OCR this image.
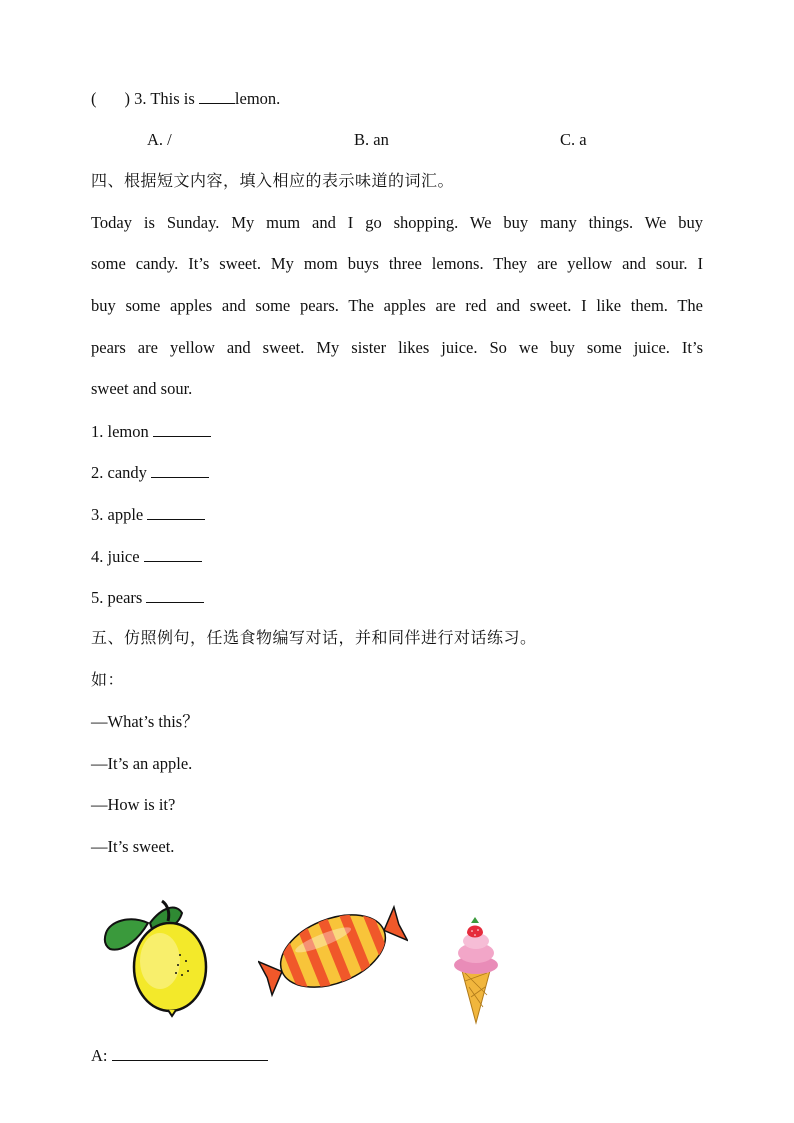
( ) 3. This is lemon.
A. /	B. an	C. a
四、根据短文内容，填入相应的表示味道的词汇。
Today is Sunday. My mum and I go shopping. We buy many things. We buy
some candy. It’s sweet. My mom buys three lemons. They are yellow and sour. I
buy some apples and some pears. The apples are red and sweet. I like them. The
pears are yellow and sweet. My sister likes juice. So we buy some juice. It’s
sweet and sour.
1. lemon
2. candy
3. apple
4. juice
5. pears
五、仿照例句，任选食物编写对话，并和同伴进行对话练习。
如：
—What’s this？
—It’s an apple.
—How is it?
—It’s sweet.
A:
